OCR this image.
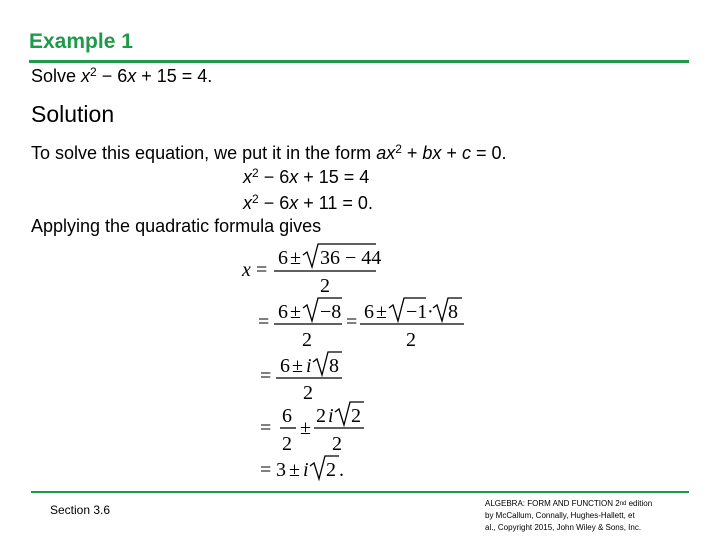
Example 1
Solve $x^2 - 6x + 15 = 4$.
Solution
To solve this equation, we put it in the form $ax^2$ + bx + c = 0.
$x^2 - 6x + 15 = 4$
$x^2 - 6x + 11 = 0$.
Applying the quadratic formula gives
x =
6 ± 36 − 44
2
= 6 ± −8
2
= 6 ± −1 · 8
2
= 6 ± i 8
2
=
6
2
±
2 i 2
2
= 3 ± i 2 .
Section 3.6	ALGEBRA: FORM AND FUNCTION 2nd edition
by McCallum, Connally, Hughes-Hallett, et
al., Copyright 2015, John Wiley & Sons, Inc.
